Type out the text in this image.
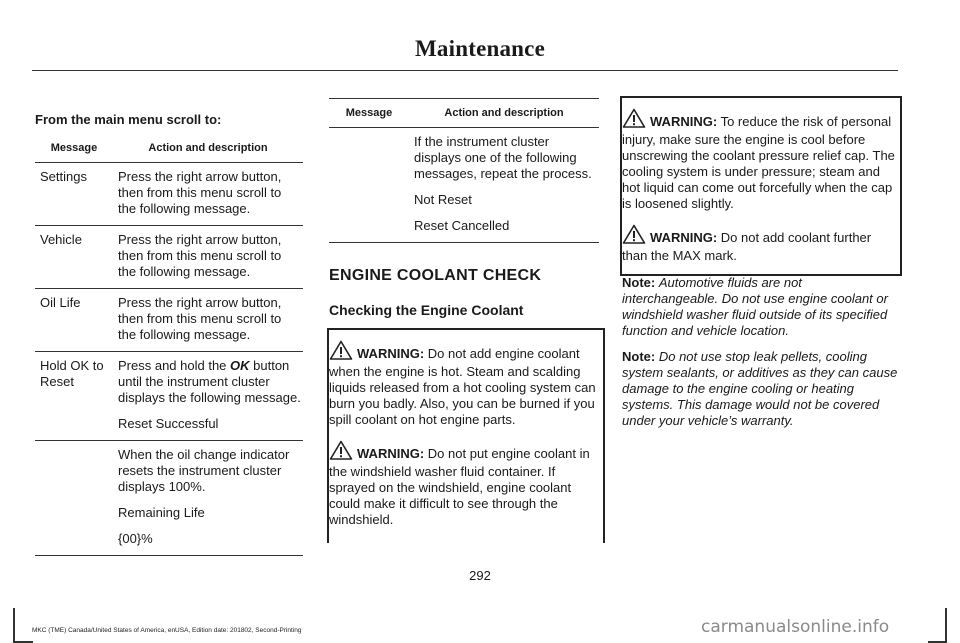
Maintenance
From the main menu scroll to:
Message	Action and description
Settings	Press the right arrow button, then from this menu scroll to the following message.

Vehicle	Press the right arrow button, then from this menu scroll to the following message.

Oil Life	Press the right arrow button, then from this menu scroll to the following message.

Hold OK to Reset	Press and hold the OK button until the instrument cluster displays the following message.

Reset Successful

	When the oil change indicator resets the instrument cluster displays 100%.

Remaining Life

{00}%

Message	Action and description

	If the instrument cluster displays one of the following messages, repeat the process.

Not Reset

Reset Cancelled

ENGINE COOLANT CHECK
Checking the Engine Coolant

WARNING: Do not add engine coolant when the engine is hot. Steam and scalding liquids released from a hot cooling system can burn you badly. Also, you can be burned if you spill coolant on hot engine parts.

WARNING: Do not put engine coolant in the windshield washer fluid container. If sprayed on the windshield, engine coolant could make it difficult to see through the windshield.

WARNING: To reduce the risk of personal injury, make sure the engine is cool before unscrewing the coolant pressure relief cap. The cooling system is under pressure; steam and hot liquid can come out forcefully when the cap is loosened slightly.

WARNING: Do not add coolant further than the MAX mark.

Note: Automotive fluids are not interchangeable. Do not use engine coolant or windshield washer fluid outside of its specified function and vehicle location.

Note: Do not use stop leak pellets, cooling system sealants, or additives as they can cause damage to the engine cooling or heating systems. This damage would not be covered under your vehicle’s warranty.

292
MKC (TME) Canada/United States of America, enUSA, Edition date: 201802, Second-Printing	carmanualsonline.info
